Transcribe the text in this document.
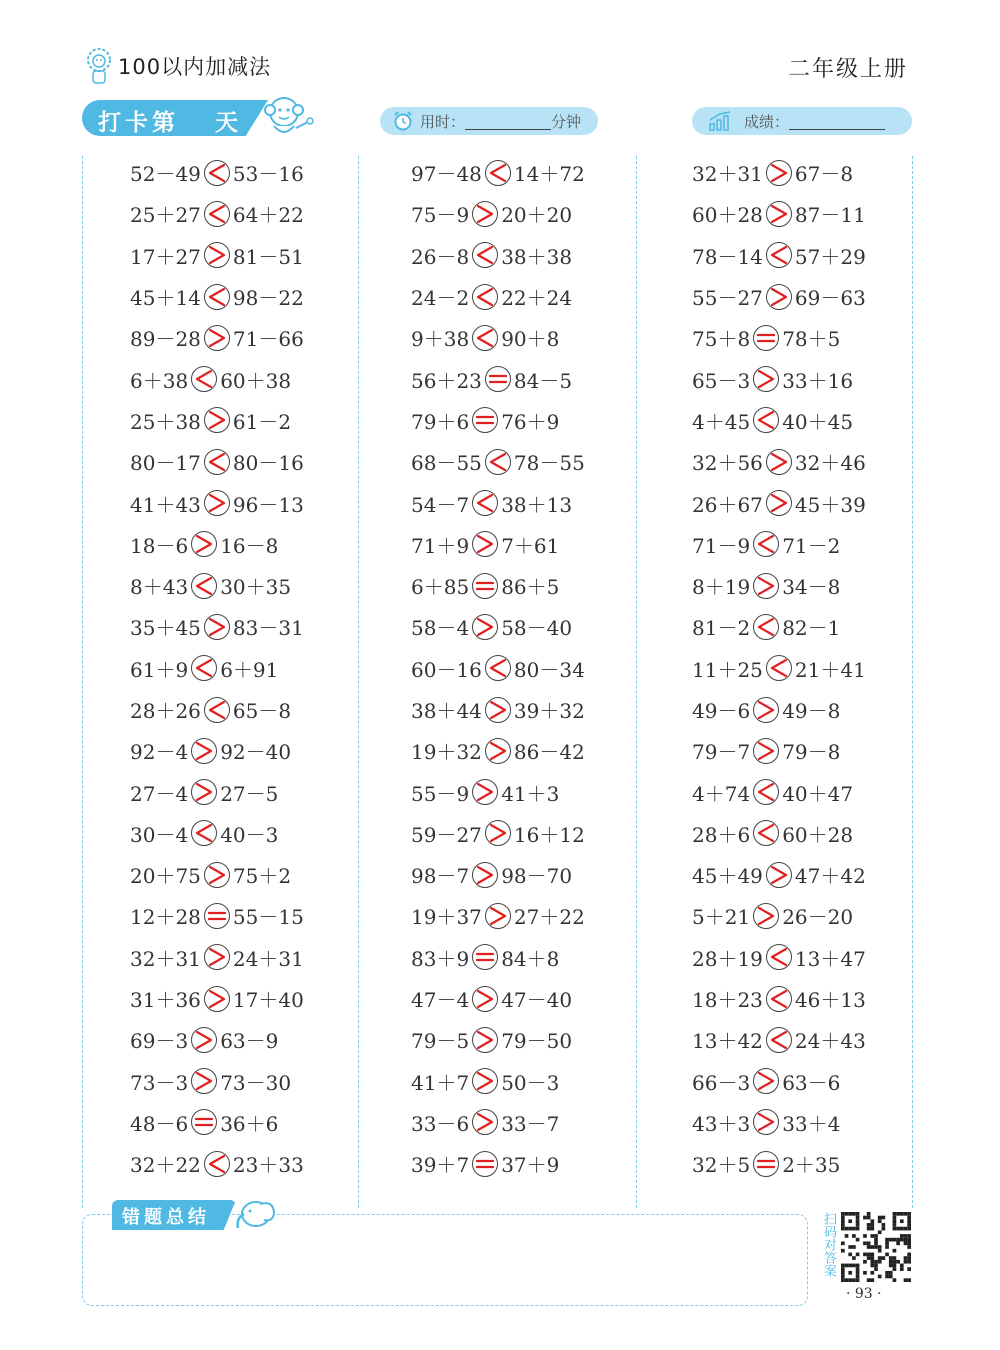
100以内加减法	二年级上册
打卡第 天	用时：	分钟	成绩：
52－49 53－16
25＋27 64＋22
17＋27 81－51
45＋14 98－22
89－28 71－66
6＋38 60＋38
25＋38 61－2
80－17 80－16
41＋43 96－13
18－6 16－8
8＋43 30＋35
35＋45 83－31
61＋9 6＋91
28＋26 65－8
92－4 92－40
27－4 27－5
30－4 40－3
20＋75 75＋2
12＋28 55－15
32＋31 24＋31
31＋36 17＋40
69－3 63－9
73－3 73－30
48－6 36＋6
32＋22 23＋33
97－48 14＋72
75－9 20＋20
26－8 38＋38
24－2 22＋24
9＋38 90＋8
56＋23 84－5
79＋6 76＋9
68－55 78－55
54－7 38＋13
71＋9 7＋61
6＋85 86＋5
58－4 58－40
60－16 80－34
38＋44 39＋32
19＋32 86－42
55－9 41＋3
59－27 16＋12
98－7 98－70
19＋37 27＋22
83＋9 84＋8
47－4 47－40
79－5 79－50
41＋7 50－3
33－6 33－7
39＋7 37＋9
32＋31 67－8
60＋28 87－11
78－14 57＋29
55－27 69－63
75＋8 78＋5
65－3 33＋16
4＋45 40＋45
32＋56 32＋46
26＋67 45＋39
71－9 71－2
8＋19 34－8
81－2 82－1
11＋25 21＋41
49－6 49－8
79－7 79－8
4＋74 40＋47
28＋6 60＋28
45＋49 47＋42
5＋21 26－20
28＋19 13＋47
18＋23 46＋13
13＋42 24＋43
66－3 63－6
43＋3 33＋4
32＋5 2＋35
错题总结	扫码对答案
· 93 ·
